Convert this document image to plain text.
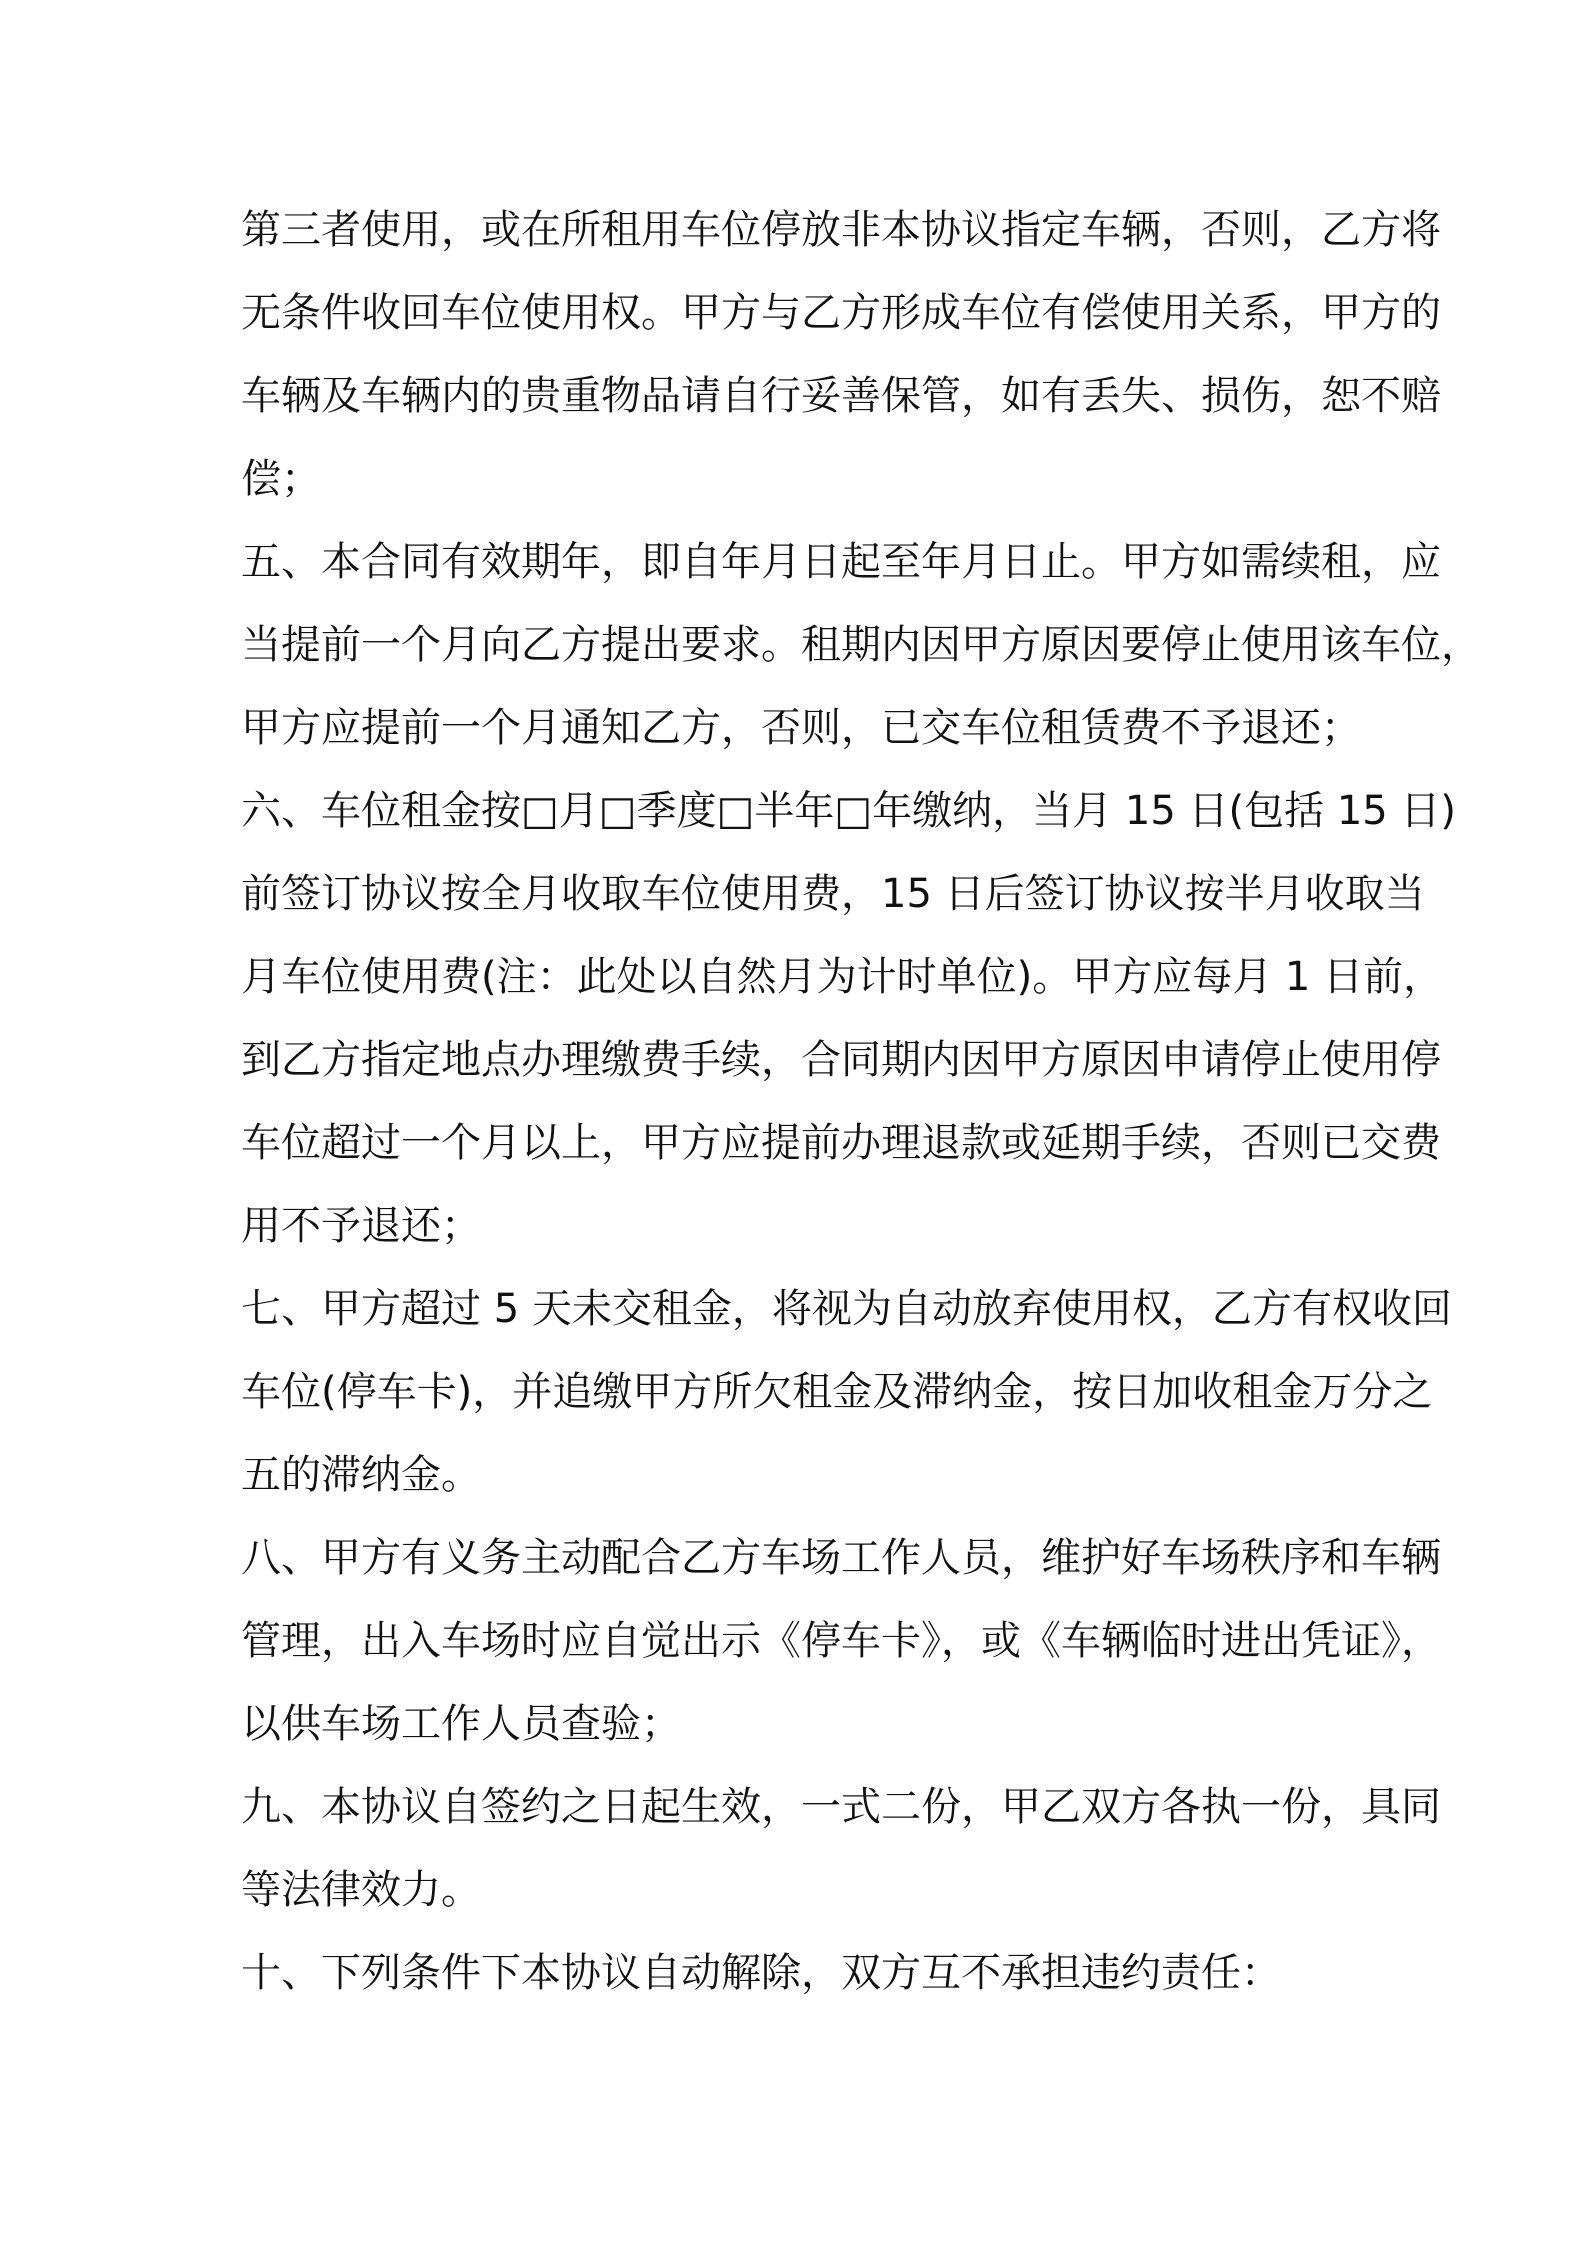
第三者使用，或在所租用车位停放非本协议指定车辆，否则，乙方将

无条件收回车位使用权。甲方与乙方形成车位有偿使用关系，甲方的

车辆及车辆内的贵重物品请自行妥善保管，如有丢失、损伤，恕不赔

偿；

五、本合同有效期年，即自年月日起至年月日止。甲方如需续租，应

当提前一个月向乙方提出要求。租期内因甲方原因要停止使用该车位，

甲方应提前一个月通知乙方，否则，已交车位租赁费不予退还；

六、车位租金按□月□季度□半年□年缴纳，当月 15 日(包括 15 日)

前签订协议按全月收取车位使用费，15 日后签订协议按半月收取当

月车位使用费(注：此处以自然月为计时单位)。甲方应每月 1 日前，

到乙方指定地点办理缴费手续，合同期内因甲方原因申请停止使用停

车位超过一个月以上，甲方应提前办理退款或延期手续，否则已交费

用不予退还；

七、甲方超过 5 天未交租金，将视为自动放弃使用权，乙方有权收回

车位(停车卡)，并追缴甲方所欠租金及滞纳金，按日加收租金万分之

五的滞纳金。

八、甲方有义务主动配合乙方车场工作人员，维护好车场秩序和车辆

管理，出入车场时应自觉出示《停车卡》，或《车辆临时进出凭证》，

以供车场工作人员查验；

九、本协议自签约之日起生效，一式二份，甲乙双方各执一份，具同

等法律效力。

十、下列条件下本协议自动解除，双方互不承担违约责任：
